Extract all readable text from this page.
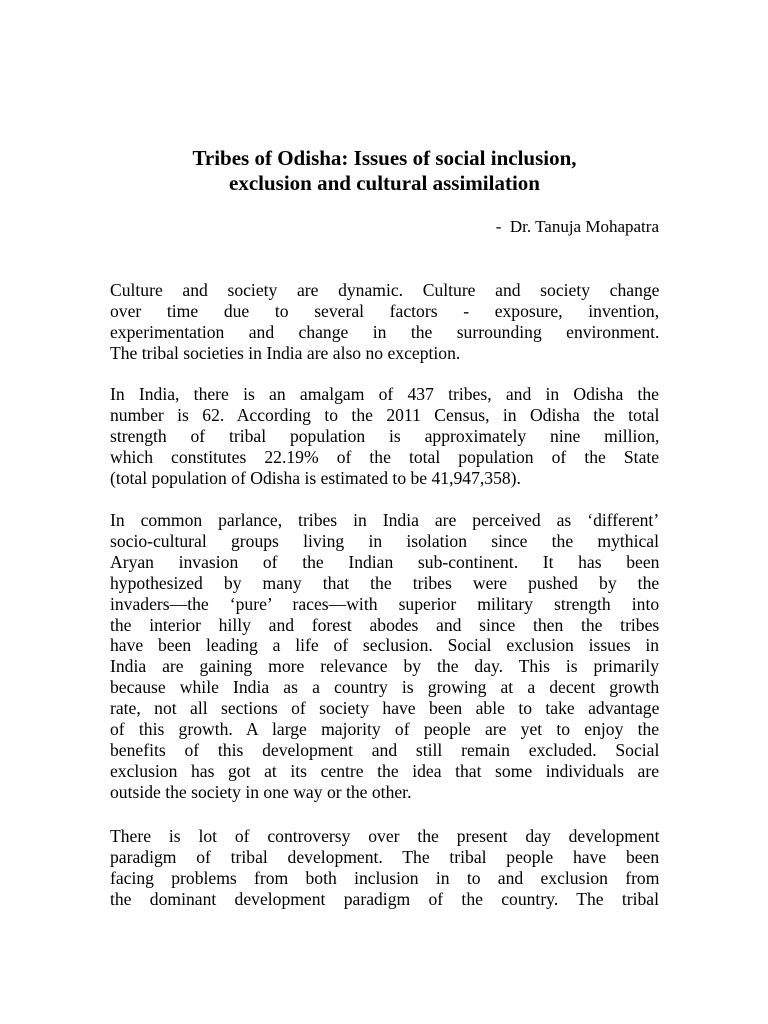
Tribes of Odisha: Issues of social inclusion,
exclusion and cultural assimilation
-  Dr. Tanuja Mohapatra

Culture and society are dynamic. Culture and society change
over time due to several factors - exposure, invention,
experimentation and change in the surrounding environment.
The tribal societies in India are also no exception.

In India, there is an amalgam of 437 tribes, and in Odisha the
number is 62. According to the 2011 Census, in Odisha the total
strength of tribal population is approximately nine million,
which constitutes 22.19% of the total population of the State
(total population of Odisha is estimated to be 41,947,358).

In common parlance, tribes in India are perceived as ‘different’
socio-cultural groups living in isolation since the mythical
Aryan invasion of the Indian sub-continent. It has been
hypothesized by many that the tribes were pushed by the
invaders—the ‘pure’ races—with superior military strength into
the interior hilly and forest abodes and since then the tribes
have been leading a life of seclusion. Social exclusion issues in
India are gaining more relevance by the day. This is primarily
because while India as a country is growing at a decent growth
rate, not all sections of society have been able to take advantage
of this growth. A large majority of people are yet to enjoy the
benefits of this development and still remain excluded. Social
exclusion has got at its centre the idea that some individuals are
outside the society in one way or the other.

There is lot of controversy over the present day development
paradigm of tribal development. The tribal people have been
facing problems from both inclusion in to and exclusion from
the dominant development paradigm of the country. The tribal
